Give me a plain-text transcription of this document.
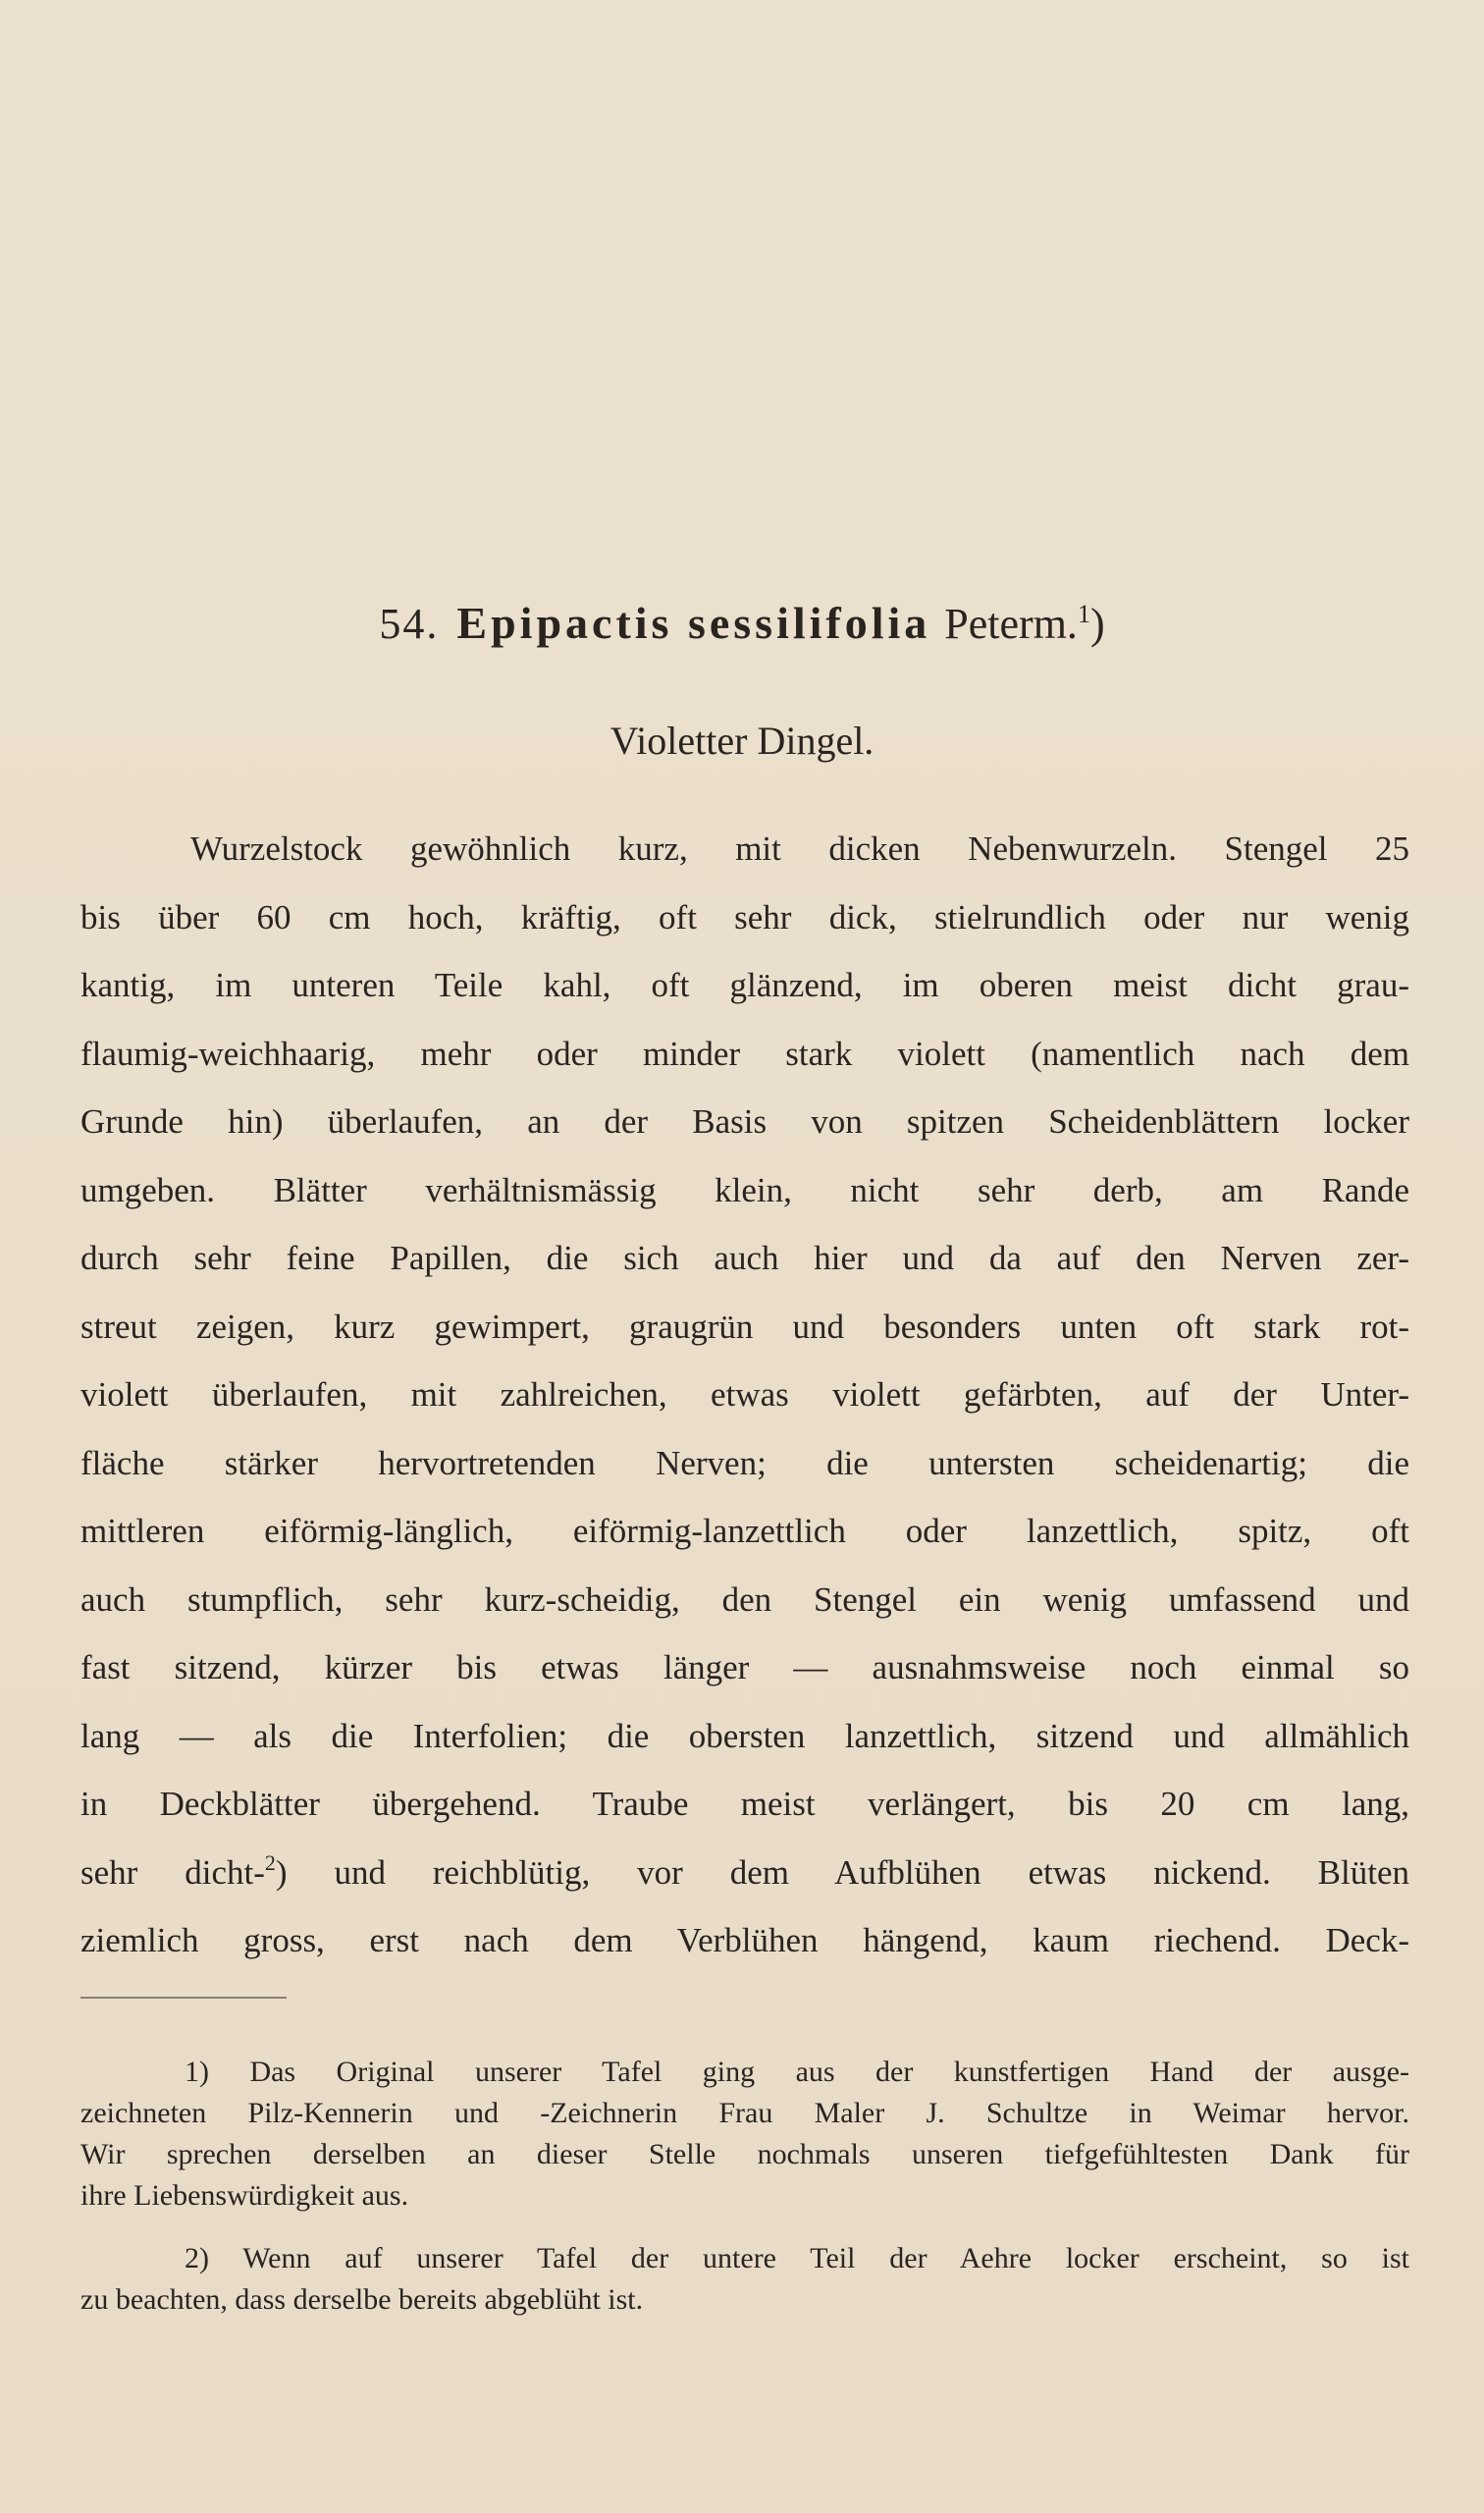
54. Epipactis sessilifolia Peterm.$^1$)
Violetter Dingel.
Wurzelstock gewöhnlich kurz, mit dicken Nebenwurzeln. Stengel 25
bis über 60 cm hoch, kräftig, oft sehr dick, stielrundlich oder nur wenig
kantig, im unteren Teile kahl, oft glänzend, im oberen meist dicht grau-
flaumig-weichhaarig, mehr oder minder stark violett (namentlich nach dem
Grunde hin) überlaufen, an der Basis von spitzen Scheidenblättern locker
umgeben. Blätter verhältnismässig klein, nicht sehr derb, am Rande
durch sehr feine Papillen, die sich auch hier und da auf den Nerven zer-
streut zeigen, kurz gewimpert, graugrün und besonders unten oft stark rot-
violett überlaufen, mit zahlreichen, etwas violett gefärbten, auf der Unter-
fläche stärker hervortretenden Nerven; die untersten scheidenartig; die
mittleren eiförmig-länglich, eiförmig-lanzettlich oder lanzettlich, spitz, oft
auch stumpflich, sehr kurz-scheidig, den Stengel ein wenig umfassend und
fast sitzend, kürzer bis etwas länger — ausnahmsweise noch einmal so
lang — als die Interfolien; die obersten lanzettlich, sitzend und allmählich
in Deckblätter übergehend. Traube meist verlängert, bis 20 cm lang,
sehr dicht-$^2$) und reichblütig, vor dem Aufblühen etwas nickend. Blüten
ziemlich gross, erst nach dem Verblühen hängend, kaum riechend. Deck-
1) Das Original unserer Tafel ging aus der kunstfertigen Hand der ausge-
zeichneten Pilz-Kennerin und -Zeichnerin Frau Maler J. Schultze in Weimar hervor.
Wir sprechen derselben an dieser Stelle nochmals unseren tiefgefühltesten Dank für
ihre Liebenswürdigkeit aus.
2) Wenn auf unserer Tafel der untere Teil der Aehre locker erscheint, so ist
zu beachten, dass derselbe bereits abgeblüht ist.
